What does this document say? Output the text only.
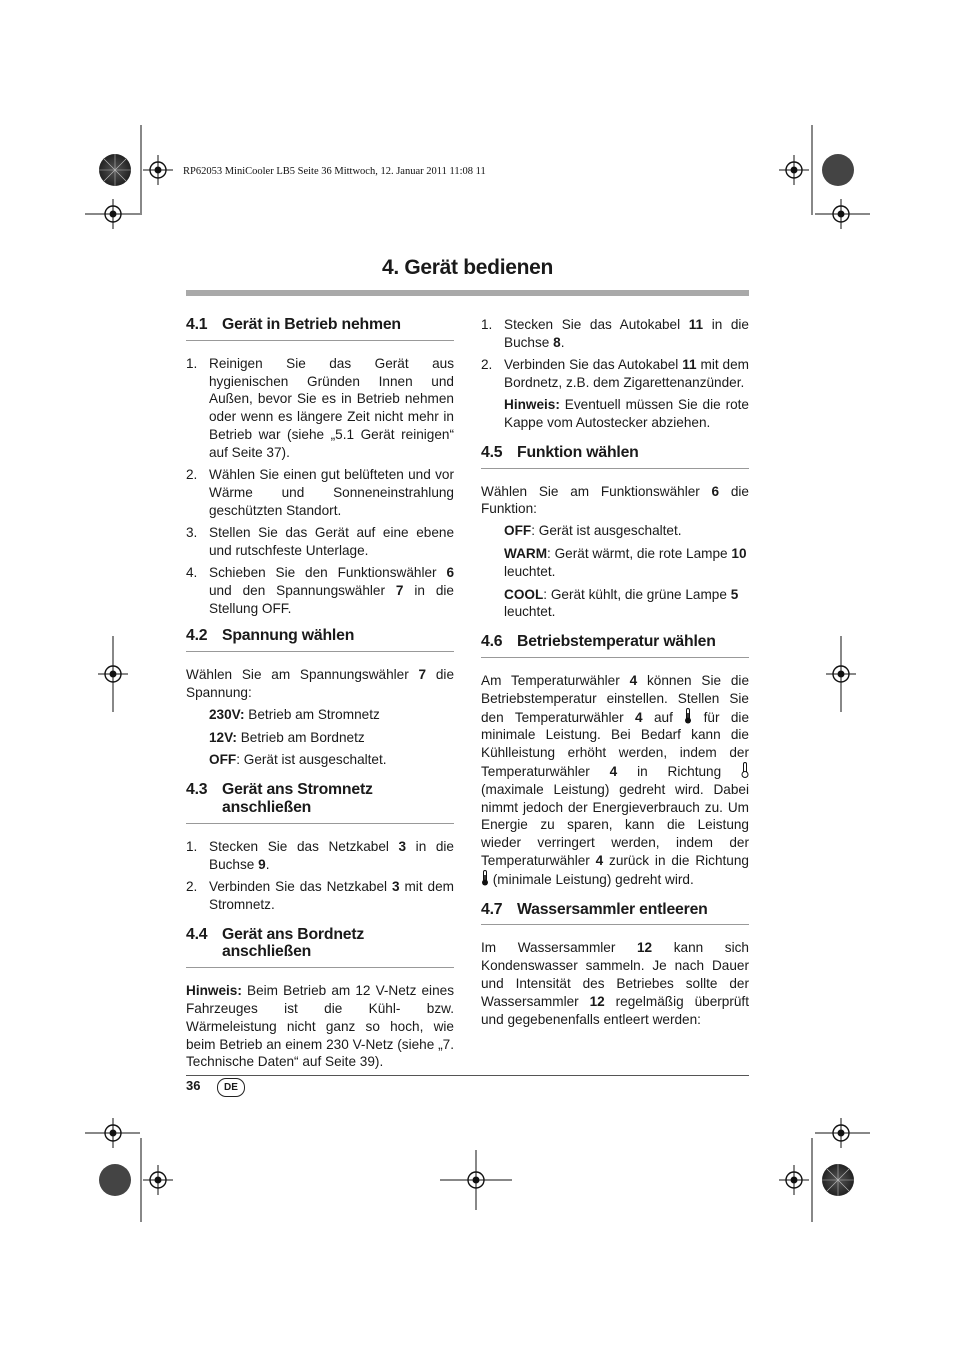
RP62053 MiniCooler LB5 Seite 36 Mittwoch, 12. Januar 2011 11:08 11
4. Gerät bedienen
4.1 Gerät in Betrieb nehmen
1. Reinigen Sie das Gerät aus hygienischen Gründen Innen und Außen, bevor Sie es in Betrieb nehmen oder wenn es längere Zeit nicht mehr in Betrieb war (siehe „5.1 Gerät reinigen“ auf Seite 37).
2. Wählen Sie einen gut belüfteten und vor Wärme und Sonneneinstrahlung geschützten Standort.
3. Stellen Sie das Gerät auf eine ebene und rutschfeste Unterlage.
4. Schieben Sie den Funktionswähler 6 und den Spannungswähler 7 in die Stellung OFF.
4.2 Spannung wählen

Wählen Sie am Spannungswähler 7 die Spannung:

230V: Betrieb am Stromnetz

12V: Betrieb am Bordnetz

OFF: Gerät ist ausgeschaltet.

4.3 Gerät ans Stromnetz anschließen
1. Stecken Sie das Netzkabel 3 in die Buchse 9.
2. Verbinden Sie das Netzkabel 3 mit dem Stromnetz.
4.4 Gerät ans Bordnetz anschließen

Hinweis: Beim Betrieb am 12 V-Netz eines Fahrzeuges ist die Kühl- bzw. Wärmeleistung nicht ganz so hoch, wie beim Betrieb an einem 230 V-Netz (siehe „7. Technische Daten“ auf Seite 39).

1. Stecken Sie das Autokabel 11 in die Buchse 8.
2. Verbinden Sie das Autokabel 11 mit dem Bordnetz, z.B. dem Zigarettenanzünder.

Hinweis: Eventuell müssen Sie die rote Kappe vom Autostecker abziehen.

4.5 Funktion wählen

Wählen Sie am Funktionswähler 6 die Funktion:

OFF: Gerät ist ausgeschaltet.

WARM: Gerät wärmt, die rote Lampe 10 leuchtet.

COOL: Gerät kühlt, die grüne Lampe 5 leuchtet.

4.6 Betriebstemperatur wählen

Am Temperaturwähler 4 können Sie die Betriebstemperatur einstellen. Stellen Sie den Temperaturwähler 4 auf  für die minimale Leistung. Bei Bedarf kann die Kühlleistung erhöht werden, indem der Temperaturwähler 4 in Richtung  (maximale Leistung) gedreht wird. Dabei nimmt jedoch der Energieverbrauch zu. Um Energie zu sparen, kann die Leistung wieder verringert werden, indem der Temperaturwähler 4 zurück in die Richtung  (minimale Leistung) gedreht wird.

4.7 Wassersammler entleeren

Im Wassersammler 12 kann sich Kondenswasser sammeln. Je nach Dauer und Intensität des Betriebes sollte der Wassersammler 12 regelmäßig überprüft und gegebenenfalls entleert werden:

36	DE
